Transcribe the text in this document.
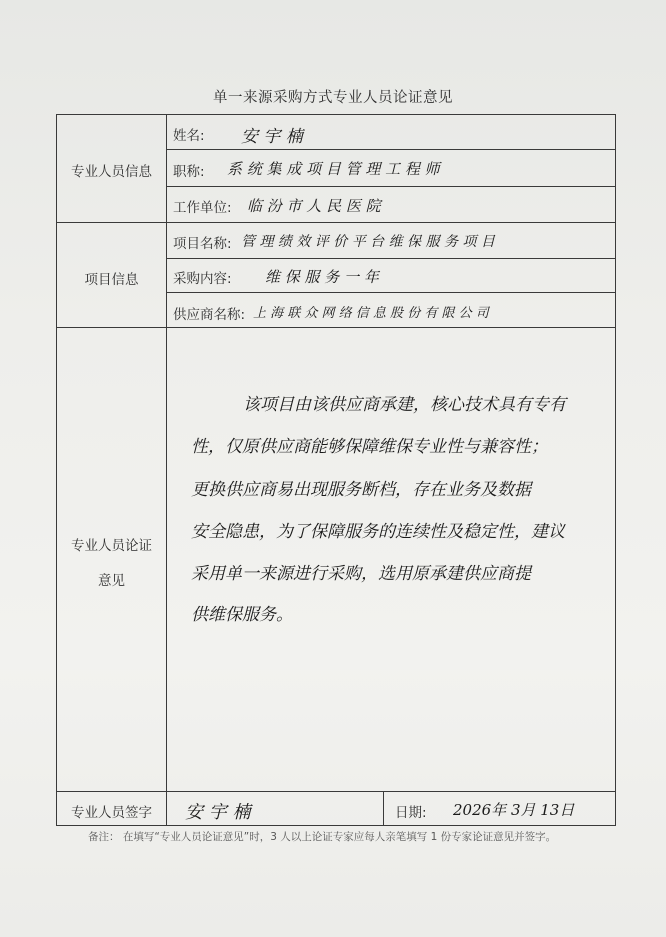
单一来源采购方式专业人员论证意见
专业人员信息
项目信息
专业人员论证
意见
专业人员签字
姓名:
职称:
工作单位:
项目名称:
采购内容:
供应商名称:
安 宇 楠
系 统 集 成 项 目 管 理 工 程 师
临 汾 市 人 民 医 院
管 理 绩 效 评 价 平 台 维 保 服 务 项 目
维 保 服 务 一 年
上 海 联 众 网 络 信 息 股 份 有 限 公 司

该项目由该供应商承建，核心技术具有专有

性，仅原供应商能够保障维保专业性与兼容性；

更换供应商易出现服务断档，存在业务及数据

安全隐患，为了保障服务的连续性及稳定性，建议

采用单一来源进行采购，选用原承建供应商提

供维保服务。

安 宇 楠	日期: 2026年 3月 13日
备注： 在填写“专业人员论证意见”时，3 人以上论证专家应每人亲笔填写 1 份专家论证意见并签字。
